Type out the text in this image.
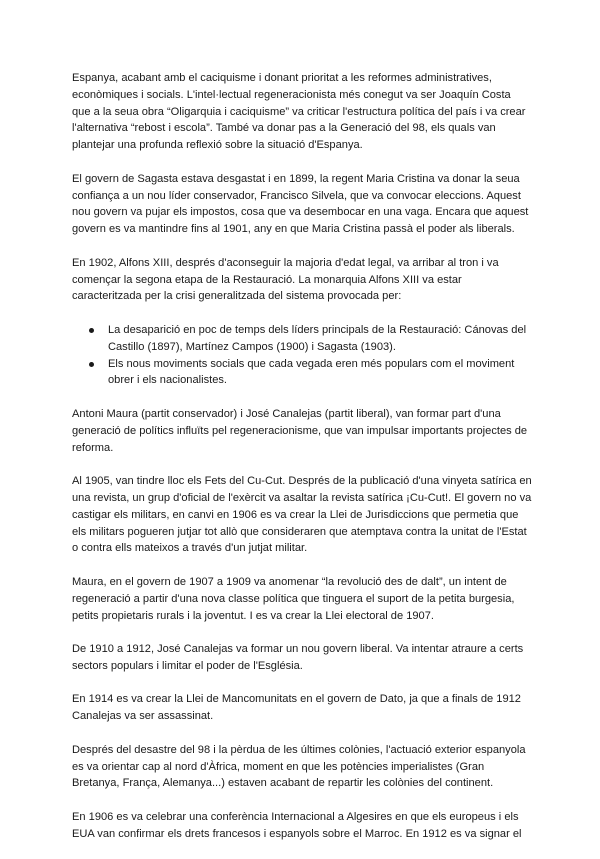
Espanya, acabant amb el caciquisme i donant prioritat a les reformes administratives, econòmiques i socials. L'intel·lectual regeneracionista més conegut va ser Joaquín Costa que a la seua obra “Oligarquia i caciquisme” va criticar l'estructura política del país i va crear l'alternativa “rebost i escola”. També va donar pas a la Generació del 98, els quals van plantejar una profunda reflexió sobre la situació d'Espanya.

El govern de Sagasta estava desgastat i en 1899, la regent Maria Cristina va donar la seua confiança a un nou líder conservador, Francisco Silvela, que va convocar eleccions. Aquest nou govern va pujar els impostos, cosa que va desembocar en una vaga. Encara que aquest govern es va mantindre fins al 1901, any en que Maria Cristina passà el poder als liberals.

En 1902, Alfons XIII, després d'aconseguir la majoria d'edat legal, va arribar al tron i va començar la segona etapa de la Restauració. La monarquia Alfons XIII va estar caracteritzada per la crisi generalitzada del sistema provocada per:

La desaparició en poc de temps dels líders principals de la Restauració: Cánovas del Castillo (1897), Martínez Campos (1900) i Sagasta (1903).
Els nous moviments socials que cada vegada eren més populars com el moviment obrer i els nacionalistes.

Antoni Maura (partit conservador) i José Canalejas (partit liberal), van formar part d'una generació de polítics influïts pel regeneracionisme, que van impulsar importants projectes de reforma.

Al 1905, van tindre lloc els Fets del Cu-Cut. Després de la publicació d'una vinyeta satírica en una revista, un grup d'oficial de l'exèrcit va asaltar la revista satírica ¡Cu-Cut!. El govern no va castigar els militars, en canvi en 1906 es va crear la Llei de Jurisdiccions que permetia que els militars pogueren jutjar tot allò que consideraren que atemptava contra la unitat de l'Estat o contra ells mateixos a través d'un jutjat militar.

Maura, en el govern de 1907 a 1909 va anomenar “la revolució des de dalt”, un intent de regeneració a partir d'una nova classe política que tinguera el suport de la petita burgesia, petits propietaris rurals i la joventut. I es va crear la Llei electoral de 1907.

De 1910 a 1912, José Canalejas va formar un nou govern liberal. Va intentar atraure a certs sectors populars i limitar el poder de l'Església.

En 1914 es va crear la Llei de Mancomunitats en el govern de Dato, ja que a finals de 1912 Canalejas va ser assassinat.

Després del desastre del 98 i la pèrdua de les últimes colònies, l'actuació exterior espanyola es va orientar cap al nord d'Àfrica, moment en que les potències imperialistes (Gran Bretanya, França, Alemanya...) estaven acabant de repartir les colònies del continent.

En 1906 es va celebrar una conferència Internacional a Algesires en que els europeus i els EUA van confirmar els drets francesos i espanyols sobre el Marroc. En 1912 es va signar el
